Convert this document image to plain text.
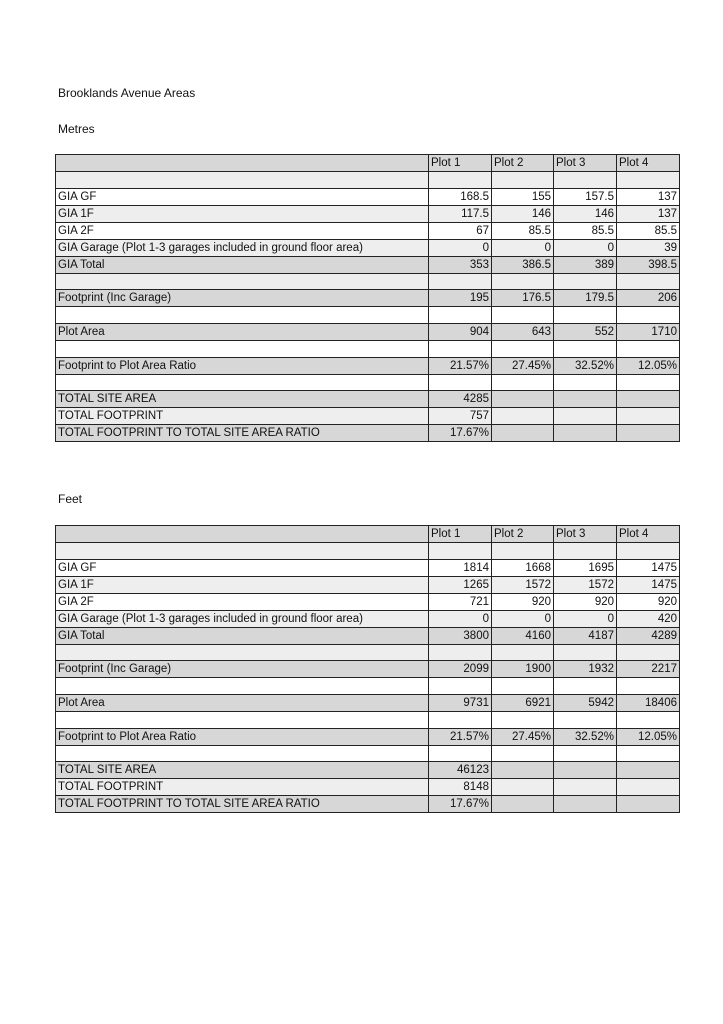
Brooklands Avenue Areas
Metres
	Plot 1	Plot 2	Plot 3	Plot 4

GIA GF	168.5	155	157.5	137
GIA 1F	117.5	146	146	137
GIA 2F	67	85.5	85.5	85.5
GIA Garage (Plot 1-3 garages included in ground floor area)	0	0	0	39
GIA Total	353	386.5	389	398.5

Footprint (Inc Garage)	195	176.5	179.5	206

Plot Area	904	643	552	1710

Footprint to Plot Area Ratio	21.57%	27.45%	32.52%	12.05%

TOTAL SITE AREA	4285			
TOTAL FOOTPRINT	757			
TOTAL FOOTPRINT TO TOTAL SITE AREA RATIO	17.67%			
Feet
	Plot 1	Plot 2	Plot 3	Plot 4

GIA GF	1814	1668	1695	1475
GIA 1F	1265	1572	1572	1475
GIA 2F	721	920	920	920
GIA Garage (Plot 1-3 garages included in ground floor area)	0	0	0	420
GIA Total	3800	4160	4187	4289

Footprint (Inc Garage)	2099	1900	1932	2217

Plot Area	9731	6921	5942	18406

Footprint to Plot Area Ratio	21.57%	27.45%	32.52%	12.05%

TOTAL SITE AREA	46123			
TOTAL FOOTPRINT	8148			
TOTAL FOOTPRINT TO TOTAL SITE AREA RATIO	17.67%			
